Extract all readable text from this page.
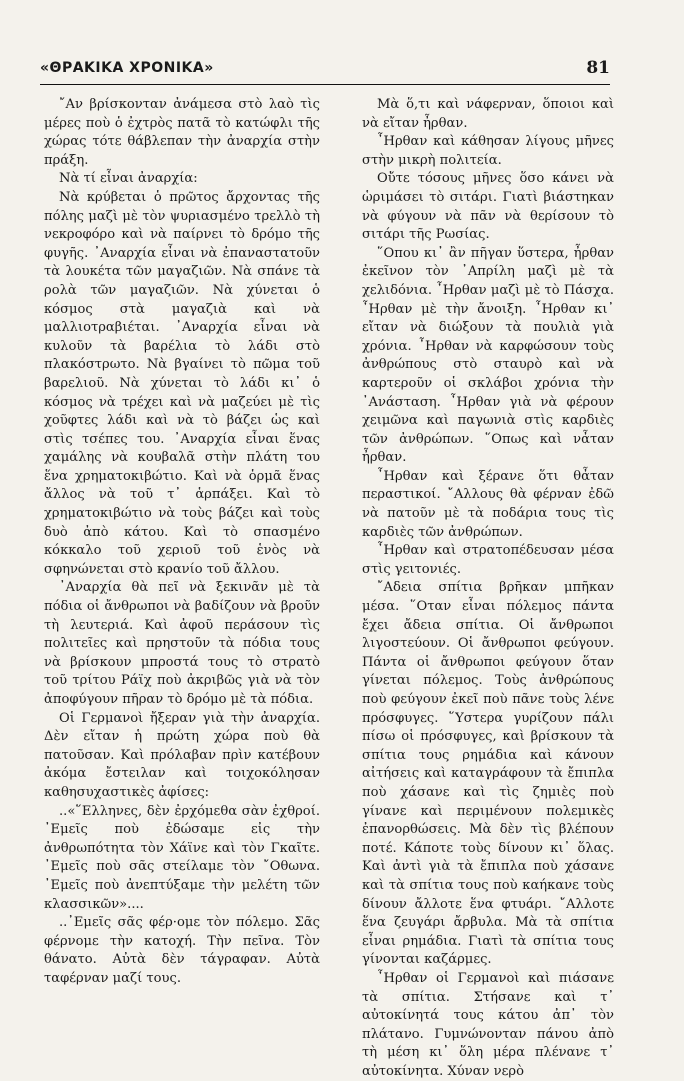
«ΘΡΑΚΙΚΑ ΧΡΟΝΙΚΑ»	81

῎Αν βρίσκονταν ἀνάμεσα στὸ λαὸ τὶς μέρες ποὺ ὁ ἐχτρὸς πατᾶ τὸ κατώφλι τῆς χώρας τότε θάβλεπαν τὴν ἀναρχία στὴν πράξη.

Νὰ τί εἶναι ἀναρχία:

Νὰ κρύβεται ὁ πρῶτος ἄρχοντας τῆς πόλης μαζὶ μὲ τὸν ψυριασμένο τρελλὸ τὴ νεκροφόρο καὶ νὰ παίρνει τὸ δρόμο τῆς φυγῆς. ᾿Αναρχία εἶναι νὰ ἐπαναστατοῦν τὰ λουκέτα τῶν μαγαζιῶν. Νὰ σπάνε τὰ ρολὰ τῶν μαγαζιῶν. Νὰ χύνεται ὁ κόσμος στὰ μαγαζιὰ καὶ νὰ μαλλιοτραβιέται. ᾿Αναρχία εἶναι νὰ κυλοῦν τὰ βαρέλια τὸ λάδι στὸ πλακόστρωτο. Νὰ βγαίνει τὸ πῶμα τοῦ βαρελιοῦ. Νὰ χύνεται τὸ λάδι κι᾿ ὁ κόσμος νὰ τρέχει καὶ νὰ μαζεύει μὲ τὶς χοῦφτες λάδι καὶ νὰ τὸ βάζει ὡς καὶ στὶς τσέπες του. ᾿Αναρχία εἶναι ἕνας χαμάλης νὰ κουβαλᾶ στὴν πλάτη του ἕνα χρηματοκιβώτιο. Καὶ νὰ ὁρμᾶ ἕνας ἄλλος νὰ τοῦ τ᾿ ἁρπάξει. Καὶ τὸ χρηματοκιβώτιο νὰ τοὺς βάζει καὶ τοὺς δυὸ ἀπὸ κάτου. Καὶ τὸ σπασμένο κόκκαλο τοῦ χεριοῦ τοῦ ἑνὸς νὰ σφηνώνεται στὸ κρανίο τοῦ ἄλλου.

᾿Αναρχία θὰ πεῖ νὰ ξεκινᾶν μὲ τὰ πόδια οἱ ἄνθρωποι νὰ βαδίζουν νὰ βροῦν τὴ λευτεριά. Καὶ ἀφοῦ περάσουν τὶς πολιτεῖες καὶ πρηστοῦν τὰ πόδια τους νὰ βρίσκουν μπροστά τους τὸ στρατὸ τοῦ τρίτου Ράϊχ ποὺ ἀκριβῶς γιὰ νὰ τὸν ἀποφύγουν πῆραν τὸ δρόμο μὲ τὰ πόδια.

Οἱ Γερμανοὶ ἤξεραν γιὰ τὴν ἀναρχία. Δὲν εἴταν ἡ πρώτη χώρα ποὺ θὰ πατοῦσαν. Καὶ πρόλαβαν πρὶν κατέβουν ἀκόμα ἔστειλαν καὶ τοιχοκόλησαν καθησυχαστικὲς ἀφίσες:

..«῞Ελληνες, δὲν ἐρχόμεθα σὰν ἐχθροί. ᾿Εμεῖς ποὺ ἐδώσαμε εἰς τὴν ἀνθρωπότητα τὸν Χάϊνε καὶ τὸν Γκαῖτε. ᾿Εμεῖς ποὺ σᾶς στείλαμε τὸν ῎Οθωνα. ᾿Εμεῖς ποὺ ἀνεπτύξαμε τὴν μελέτη τῶν κλασσικῶν»....

..᾿Εμεῖς σᾶς φέρ·ομε τὸν πόλεμο. Σᾶς φέρνομε τὴν κατοχή. Τὴν πεῖνα. Τὸν θάνατο. Αὐτὰ δὲν τάγραφαν. Αὐτὰ ταφέρναν μαζί τους.

Μὰ ὅ,τι καὶ νάφερναν, ὅποιοι καὶ νὰ εἴταν ἦρθαν.

῏Ηρθαν καὶ κάθησαν λίγους μῆνες στὴν μικρὴ πολιτεία.

Οὔτε τόσους μῆνες ὅσο κάνει νὰ ὡριμάσει τὸ σιτάρι. Γιατὶ βιάστηκαν νὰ φύγουν νὰ πᾶν νὰ θερίσουν τὸ σιτάρι τῆς Ρωσίας.

῞Οπου κι᾿ ἂν πῆγαν ὕστερα, ἦρθαν ἐκεῖνον τὸν ᾿Απρίλη μαζὶ μὲ τὰ χελιδόνια. ῏Ηρθαν μαζὶ μὲ τὸ Πάσχα. ῏Ηρθαν μὲ τὴν ἄνοιξη. ῏Ηρθαν κι᾿ εἴταν νὰ διώξουν τὰ πουλιὰ γιὰ χρόνια. ῏Ηρθαν νὰ καρφώσουν τοὺς ἀνθρώπους στὸ σταυρὸ καὶ νὰ καρτεροῦν οἱ σκλάβοι χρόνια τὴν ᾿Ανάσταση. ῏Ηρθαν γιὰ νὰ φέρουν χειμῶνα καὶ παγωνιὰ στὶς καρδιὲς τῶν ἀνθρώπων. ῞Οπως καὶ νἆταν ἦρθαν.

῏Ηρθαν καὶ ξέρανε ὅτι θἆταν περαστικοί. ῎Αλλους θὰ φέρναν ἐδῶ νὰ πατοῦν μὲ τὰ ποδάρια τους τὶς καρδιὲς τῶν ἀνθρώπων.

῏Ηρθαν καὶ στρατοπέδευσαν μέσα στὶς γειτονιές.

῎Αδεια σπίτια βρῆκαν μπῆκαν μέσα. ῞Οταν εἶναι πόλεμος πάντα ἔχει ἄδεια σπίτια. Οἱ ἄνθρωποι λιγοστεύουν. Οἱ ἄνθρωποι φεύγουν. Πάντα οἱ ἄνθρωποι φεύγουν ὅταν γίνεται πόλεμος. Τοὺς ἀνθρώπους ποὺ φεύγουν ἐκεῖ ποὺ πᾶνε τοὺς λένε πρόσφυγες. ῞Υστερα γυρίζουν πάλι πίσω οἱ πρόσφυγες, καὶ βρίσκουν τὰ σπίτια τους ρημάδια καὶ κάνουν αἰτήσεις καὶ καταγράφουν τὰ ἔπιπλα ποὺ χάσανε καὶ τὶς ζημιὲς ποὺ γίνανε καὶ περιμένουν πολεμικὲς ἐπανορθώσεις. Μὰ δὲν τὶς βλέπουν ποτέ. Κάποτε τοὺς δίνουν κι᾿ ὅλας. Καὶ ἀντὶ γιὰ τὰ ἔπιπλα ποὺ χάσανε καὶ τὰ σπίτια τους ποὺ καήκανε τοὺς δίνουν ἄλλοτε ἕνα φτυάρι. ῎Αλλοτε ἕνα ζευγάρι ἄρβυλα. Μὰ τὰ σπίτια εἶναι ρημάδια. Γιατὶ τὰ σπίτια τους γίνονται καζάρμες.

῏Ηρθαν οἱ Γερμανοὶ καὶ πιάσανε τὰ σπίτια. Στήσανε καὶ τ᾿ αὐτοκίνητά τους κάτου ἀπ᾿ τὸν πλάτανο. Γυμνώνονταν πάνου ἀπὸ τὴ μέση κι᾿ ὅλη μέρα πλένανε τ᾿ αὐτοκίνητα. Χύναν νερὸ
